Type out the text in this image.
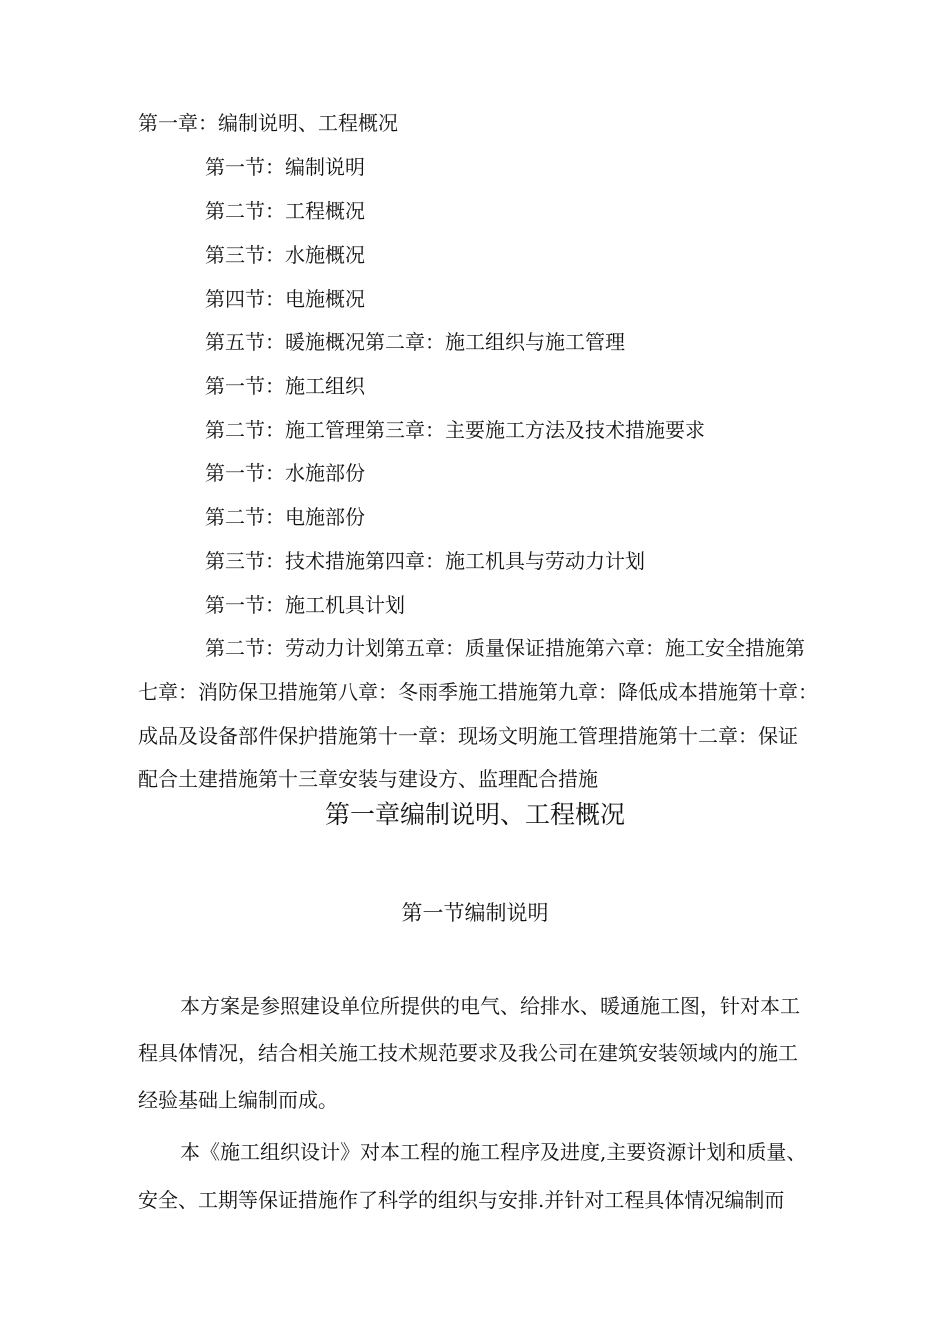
第一章：编制说明、工程概况
第一节：编制说明
第二节：工程概况
第三节：水施概况
第四节：电施概况
第五节：暖施概况第二章：施工组织与施工管理
第一节：施工组织
第二节：施工管理第三章：主要施工方法及技术措施要求
第一节：水施部份
第二节：电施部份
第三节：技术措施第四章：施工机具与劳动力计划
第一节：施工机具计划
第二节：劳动力计划第五章：质量保证措施第六章：施工安全措施第
七章：消防保卫措施第八章：冬雨季施工措施第九章：降低成本措施第十章：
成品及设备部件保护措施第十一章：现场文明施工管理措施第十二章：保证
配合土建措施第十三章安装与建设方、监理配合措施
第一章编制说明、工程概况
第一节编制说明
本方案是参照建设单位所提供的电气、给排水、暖通施工图，针对本工
程具体情况，结合相关施工技术规范要求及我公司在建筑安装领域内的施工
经验基础上编制而成。
本《施工组织设计》对本工程的施工程序及进度,主要资源计划和质量、
安全、工期等保证措施作了科学的组织与安排.并针对工程具体情况编制而
